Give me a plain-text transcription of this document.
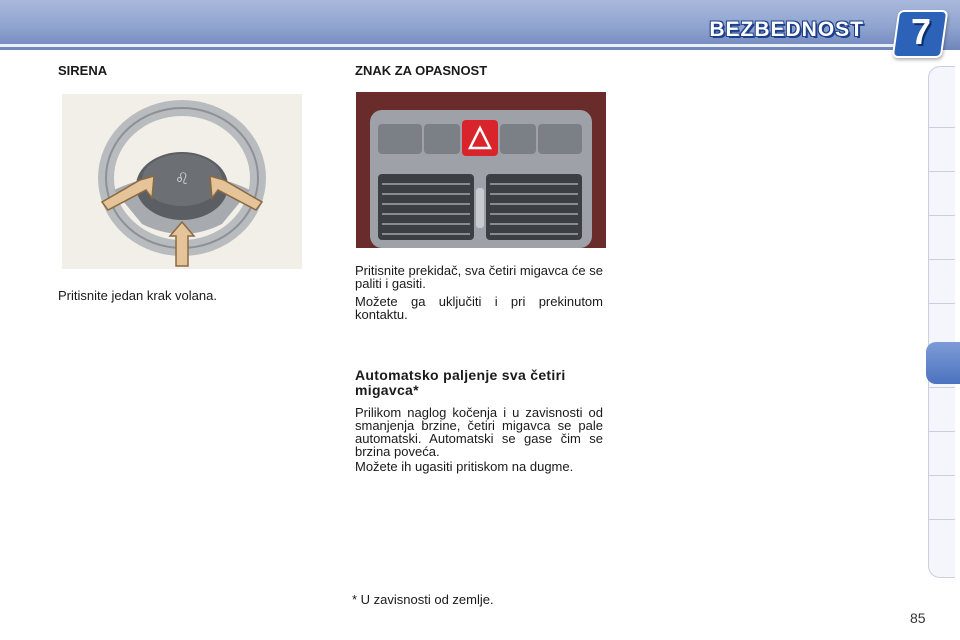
BEZBEDNOST 7
SIRENA
♌

Pritisnite jedan krak volana.

ZNAK ZA OPASNOST

Pritisnite prekidač, sva četiri migavca će se paliti i gasiti.

Možete ga uključiti i pri prekinutom kontaktu.

Automatsko paljenje sva četiri migavca*

Prilikom naglog kočenja i u zavisnosti od smanjenja brzine, četiri migavca se pale automatski. Automatski se gase čim se brzina poveća.

Možete ih ugasiti pritiskom na dugme.

* U zavisnosti od zemlje.

85
